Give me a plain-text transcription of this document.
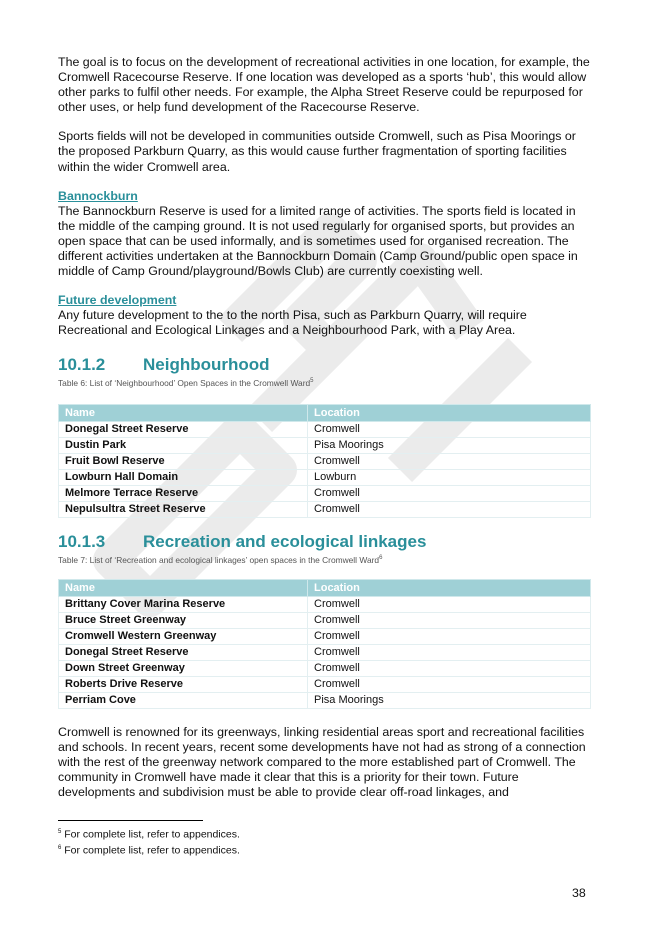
The goal is to focus on the development of recreational activities in one location, for example, the Cromwell Racecourse Reserve. If one location was developed as a sports ‘hub’, this would allow other parks to fulfil other needs. For example, the Alpha Street Reserve could be repurposed for other uses, or help fund development of the Racecourse Reserve.

Sports fields will not be developed in communities outside Cromwell, such as Pisa Moorings or the proposed Parkburn Quarry, as this would cause further fragmentation of sporting facilities within the wider Cromwell area.

Bannockburn

The Bannockburn Reserve is used for a limited range of activities. The sports field is located in the middle of the camping ground. It is not used regularly for organised sports, but provides an open space that can be used informally, and is sometimes used for organised recreation. The different activities undertaken at the Bannockburn Domain (Camp Ground/public open space in middle of Camp Ground/playground/Bowls Club) are currently coexisting well.

Future development

Any future development to the to the north Pisa, such as Parkburn Quarry, will require Recreational and Ecological Linkages and a Neighbourhood Park, with a Play Area.

10.1.2	Neighbourhood
Table 6: List of ‘Neighbourhood’ Open Spaces in the Cromwell Ward$^5$
Name	Location
Donegal Street Reserve	Cromwell
Dustin Park	Pisa Moorings
Fruit Bowl Reserve	Cromwell
Lowburn Hall Domain	Lowburn
Melmore Terrace Reserve	Cromwell
Nepulsultra Street Reserve	Cromwell
10.1.3	Recreation and ecological linkages
Table 7: List of ‘Recreation and ecological linkages’ open spaces in the Cromwell Ward$^6$
Name	Location
Brittany Cover Marina Reserve	Cromwell
Bruce Street Greenway	Cromwell
Cromwell Western Greenway	Cromwell
Donegal Street Reserve	Cromwell
Down Street Greenway	Cromwell
Roberts Drive Reserve	Cromwell
Perriam Cove	Pisa Moorings

Cromwell is renowned for its greenways, linking residential areas sport and recreational facilities and schools. In recent years, recent some developments have not had as strong of a connection with the rest of the greenway network compared to the more established part of Cromwell. The community in Cromwell have made it clear that this is a priority for their town. Future developments and subdivision must be able to provide clear off-road linkages, and

$^5$ For complete list, refer to appendices.
$^6$ For complete list, refer to appendices.
38
